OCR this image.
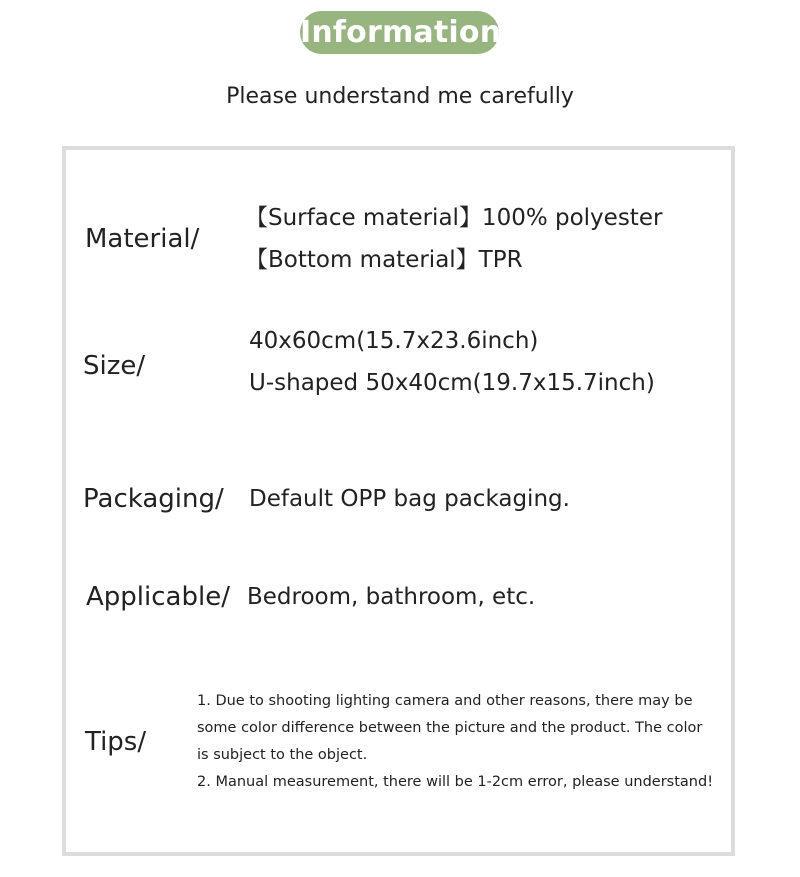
Information
Please understand me carefully
Material/
【Surface material】100% polyester
【Bottom material】TPR
Size/
40x60cm(15.7x23.6inch)
U-shaped 50x40cm(19.7x15.7inch)
Packaging/ Default OPP bag packaging.
Applicable/ Bedroom, bathroom, etc.
Tips/
1. Due to shooting lighting camera and other reasons, there may be
some color difference between the picture and the product. The color
is subject to the object.
2. Manual measurement, there will be 1-2cm error, please understand!
